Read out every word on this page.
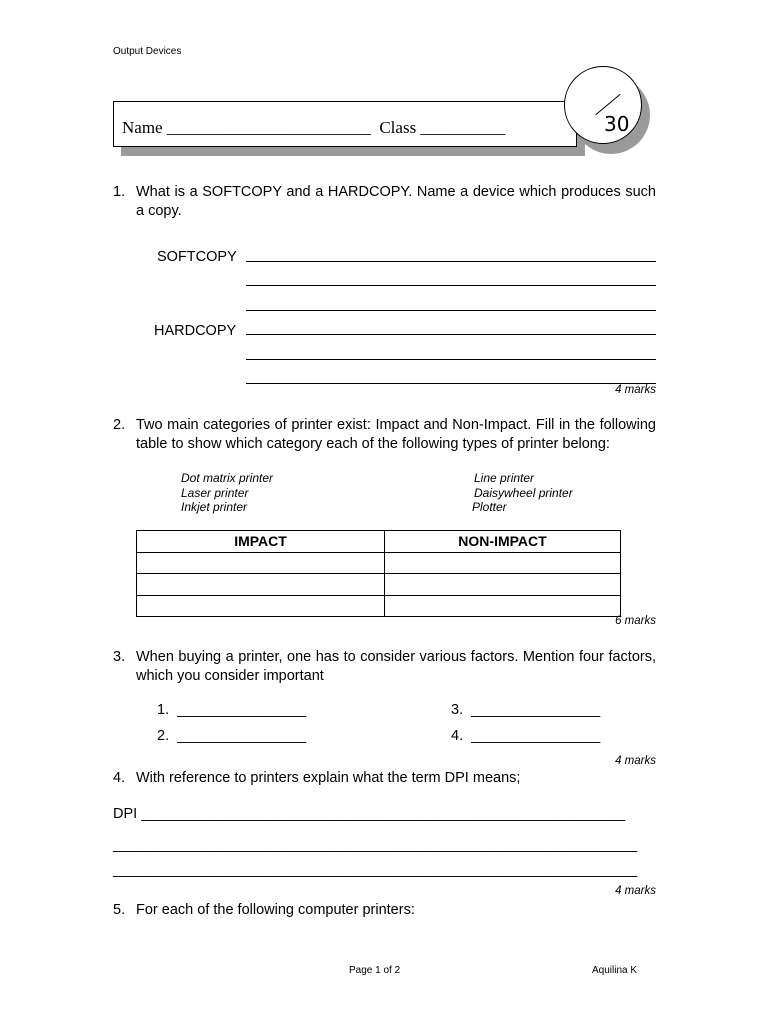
Output Devices
Name ________________________  Class __________	30
1. What is a SOFTCOPY and a HARDCOPY. Name a device which produces such a copy.
SOFTCOPY
HARDCOPY
4 marks
2. Two main categories of printer exist: Impact and Non-Impact. Fill in the following table to show which category each of the following types of printer belong:
Dot matrix printer
Laser printer
Inkjet printer
Line printer
Daisywheel printer
Plotter
IMPACT	NON-IMPACT

6 marks
3. When buying a printer, one has to consider various factors. Mention four factors, which you consider important
1. ________________
2. ________________
3. ________________
4. ________________
4 marks
4. With reference to printers explain what the term DPI means;
DPI ____________________________________________________________
_________________________________________________________________
_________________________________________________________________
4 marks
5. For each of the following computer printers:
Page 1 of 2	Aquilina K
